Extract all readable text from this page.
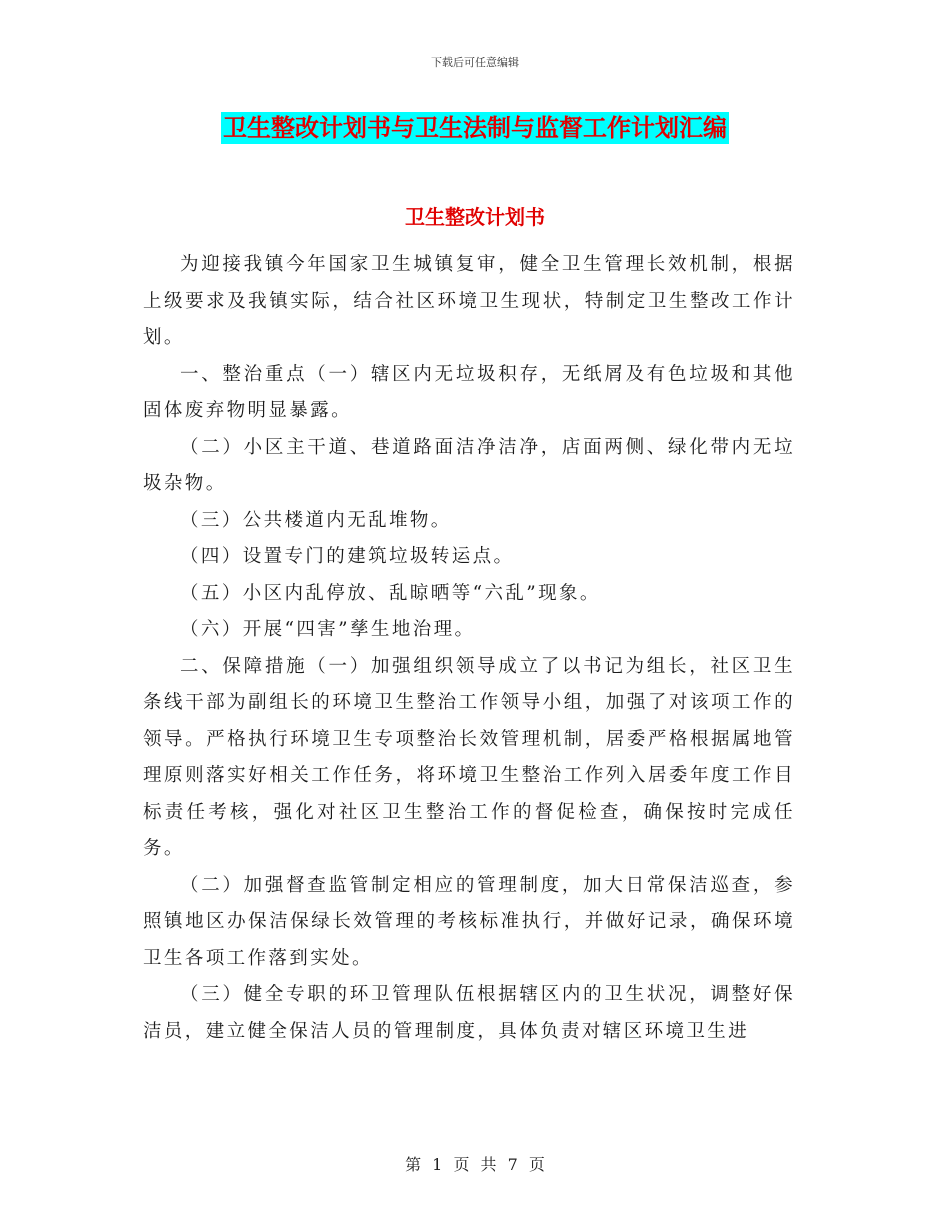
下载后可任意编辑
卫生整改计划书与卫生法制与监督工作计划汇编
卫生整改计划书

为迎接我镇今年国家卫生城镇复审，健全卫生管理长效机制，根据上级要求及我镇实际，结合社区环境卫生现状，特制定卫生整改工作计划。

一、整治重点（一）辖区内无垃圾积存，无纸屑及有色垃圾和其他固体废弃物明显暴露。

（二）小区主干道、巷道路面洁净洁净，店面两侧、绿化带内无垃圾杂物。

（三）公共楼道内无乱堆物。

（四）设置专门的建筑垃圾转运点。

（五）小区内乱停放、乱晾晒等“六乱”现象。

（六）开展“四害”孳生地治理。

二、保障措施（一）加强组织领导成立了以书记为组长，社区卫生条线干部为副组长的环境卫生整治工作领导小组，加强了对该项工作的领导。严格执行环境卫生专项整治长效管理机制，居委严格根据属地管理原则落实好相关工作任务，将环境卫生整治工作列入居委年度工作目标责任考核，强化对社区卫生整治工作的督促检查，确保按时完成任务。

（二）加强督查监管制定相应的管理制度，加大日常保洁巡查，参照镇地区办保洁保绿长效管理的考核标准执行，并做好记录，确保环境卫生各项工作落到实处。

（三）健全专职的环卫管理队伍根据辖区内的卫生状况，调整好保洁员，建立健全保洁人员的管理制度，具体负责对辖区环境卫生进

第 1 页 共 7 页
